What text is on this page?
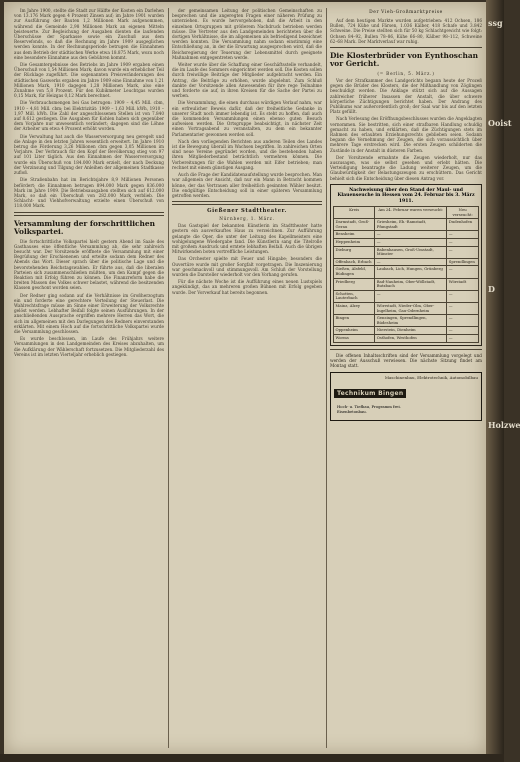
Im Jahre 1900, stellte die Stadt zur Hälfte der Kosten ein Darlehen von 13.176 Mark gegen 4 Prozent Zinsen auf; im Jahre 1901 wurden zur Ausführung der Bauten 1,2 Millionen Mark aufgenommen, während die Gemeinde 2,98 Millionen Mark an eigenen Mitteln beisteuerte. Zur Begleichung der Ausgaben dienten die laufenden Überschüsse der Sparkasse sowie ein Zuschuß aus dem Reservefonds, so daß die Rechnung im Jahre 1909 ausgeglichen werden konnte. In der Rechnungsperiode betrugen die Einnahmen aus dem Betrieb der städtischen Werke etwa 18.875 Mark, wozu noch eine besondere Einnahme aus den Gebühren kommt.

Die Gesamtergebnisse des Betriebs im Jahre 1909 ergaben einen Überschuß von 1,54 Millionen Mark; davon wurde ein erheblicher Teil der Rücklage zugeführt. Die sogenannten Preisveränderungen des städtischen Gaswerks ergaben im Jahre 1909 eine Einnahme von 1,21 Millionen Mark, 1910 dagegen 1,28 Millionen Mark, also eine Zunahme von 5,8 Prozent. Für den Kubikmeter Leuchtgas wurden 0,15 Mark, für Heizgas 0,12 Mark berechnet.

Die Verbrauchsmengen bei Gas betrugen: 1909 – 4,45 Mill. cbm, 1910 – 4,81 Mill. cbm; bei Elektrizität: 1909 – 1,63 Mill. kWh, 1910 – 1,97 Mill. kWh. Die Zahl der angeschlossenen Stellen ist von 7.840 auf 8.612 gestiegen. Die Ausgaben für Kohlen haben sich gegenüber dem Vorjahre nur unwesentlich verändert; dagegen sind die Löhne der Arbeiter um etwa 4 Prozent erhöht worden.

Die Verwaltung hat auch die Wasserversorgung neu geregelt und die Anlage in den letzten Jahren wesentlich erweitert. Im Jahre 1910 betrug die Förderung 3,26 Millionen cbm gegen 3,05 Millionen im Vorjahre. Der Verbrauch für den Kopf der Bevölkerung stieg von 97 auf 101 Liter täglich. Aus den Einnahmen der Wasserversorgung wurde ein Überschuß von 184.000 Mark erzielt, der nach Deckung der Verzinsung und Tilgung der Anleihen der allgemeinen Stadtkasse zufloß.

Die Straßenbahn hat im Berichtsjahre 8,9 Millionen Personen befördert; die Einnahmen betrugen 894.000 Mark gegen 836.000 Mark im Jahre 1909. Die Betriebsausgaben stellten sich auf 612.000 Mark, so daß ein Überschuß von 282.000 Mark verblieb. Die Schlacht- und Viehhofverwaltung erzielte einen Überschuß von 118.000 Mark.

Versammlung der forschrittlichen Volkspartei.

Die fortschrittliche Volkspartei hielt gestern Abend im Saale des Gasthauses eine öffentliche Versammlung ab, die sehr zahlreich besucht war. Der Vorsitzende eröffnete die Versammlung mit einer Begrüßung der Erschienenen und erteilte sodann dem Redner des Abends das Wort. Dieser sprach über die politische Lage und die bevorstehenden Reichstagswahlen. Er führte aus, daß die liberalen Parteien sich zusammenschließen müßten, um den Kampf gegen die Reaktion mit Erfolg führen zu können. Die Finanzreform habe die breiten Massen des Volkes schwer belastet, während die besitzenden Klassen geschont worden seien.

Der Redner ging sodann auf die Verhältnisse im Großherzogtum ein und forderte eine gerechtere Verteilung der Steuerlast. Die Wahlrechtsfrage müsse im Sinne einer Erweiterung der Volksrechte gelöst werden. Lebhafter Beifall folgte seinen Ausführungen. In der anschließenden Aussprache ergriffen mehrere Herren das Wort, die sich im allgemeinen mit den Darlegungen des Redners einverstanden erklärten. Mit einem Hoch auf die fortschrittliche Volkspartei wurde die Versammlung geschlossen.

Es wurde beschlossen, im Laufe des Frühjahrs weitere Versammlungen in den Landgemeinden des Kreises abzuhalten, um die Aufklärung der Wählerschaft fortzusetzen. Die Mitgliederzahl des Vereins ist im letzten Vierteljahr erheblich gestiegen.

der gemeinsamen Leitung der politischen Gemeinschaften zu besprechen und die angeregten Fragen einer näheren Prüfung zu unterziehen. Es wurde hervorgehoben, daß die Arbeit in den einzelnen Ortsgruppen mit größerem Nachdruck betrieben werden müsse. Die Vertreter aus den Landgemeinden berichteten über die dortigen Verhältnisse, die im allgemeinen als befriedigend bezeichnet werden konnten. Die Versammlung nahm sodann einstimmig eine Entschließung an, in der die Erwartung ausgesprochen wird, daß die Reichsregierung der Teuerung der Lebensmittel durch geeignete Maßnahmen entgegentreten werde.

Weiter wurde über die Schaffung einer Geschäftsstelle verhandelt, die im Laufe des Sommers eingerichtet werden soll. Die Kosten sollen durch freiwillige Beiträge der Mitglieder aufgebracht werden. Ein Antrag, die Beiträge zu erhöhen, wurde abgelehnt. Zum Schluß dankte der Vorsitzende allen Anwesenden für ihre rege Teilnahme und forderte sie auf, in ihren Kreisen für die Sache der Partei zu werben.

Die Versammlung, die einen durchaus würdigen Verlauf nahm, war ein erfreulicher Beweis dafür, daß der freiheitliche Gedanke in unserer Stadt noch immer lebendig ist. Es steht zu hoffen, daß auch die kommenden Versammlungen einen ebenso guten Besuch aufweisen werden. Die Ortsgruppe beabsichtigt, in nächster Zeit einen Vortragsabend zu veranstalten, zu dem ein bekannter Parlamentarier gewonnen werden soll.

Nach den vorliegenden Berichten aus anderen Teilen des Landes ist die Bewegung überall im Wachsen begriffen. In zahlreichen Orten sind neue Vereine gegründet worden, und die bestehenden haben ihren Mitgliederbestand beträchtlich vermehren können. Die Vorbereitungen für die Wahlen werden mit Eifer betrieben; man rechnet mit einem günstigen Ausgang.

Auch die Frage der Kandidatenaufstellung wurde besprochen. Man war allgemein der Ansicht, daß nur ein Mann in Betracht kommen könne, der das Vertrauen aller freiheitlich gesinnten Wähler besitzt. Die endgültige Entscheidung soll in einer späteren Versammlung getroffen werden.

Gießener Stadttheater.

Nürnberg, 1. März.

Das Gastspiel der bekannten Künstlerin im Stadttheater hatte gestern ein ausverkauftes Haus zu verzeichnen. Zur Aufführung gelangte die Oper, die unter der Leitung des Kapellmeisters eine wohlgelungene Wiedergabe fand. Die Künstlerin sang die Titelrolle mit großem Ausdruck und erntete lebhaften Beifall. Auch die übrigen Mitwirkenden boten vortreffliche Leistungen.

Das Orchester spielte mit Feuer und Hingabe; besonders die Ouvertüre wurde mit großer Sorgfalt vorgetragen. Die Inszenierung war geschmackvoll und stimmungsvoll. Am Schluß der Vorstellung wurden die Darsteller wiederholt vor den Vorhang gerufen.

Für die nächste Woche ist die Aufführung eines neuen Lustspiels angekündigt, das an mehreren großen Bühnen mit Erfolg gegeben wurde. Der Vorverkauf hat bereits begonnen.

Der Vieh-Großmarktpreise

Auf dem heutigen Markte wurden aufgetrieben: 412 Ochsen, 186 Bullen, 724 Kühe und Färsen, 1.036 Kälber, 418 Schafe und 3.842 Schweine. Die Preise stellten sich für 50 kg Schlachtgewicht wie folgt: Ochsen 84–92, Bullen 78–86, Kühe 66–80, Kälber 98–112, Schweine 62–68 Mark. Der Marktverlauf war ruhig.

Die Klosterbrüder von Eynthoschan vor Gericht.

(= Berlin, 5. März.)

Vor der Strafkammer des Landgerichts begann heute der Prozeß gegen die Brüder des Klosters, die der Mißhandlung von Zöglingen beschuldigt werden. Die Anklage stützt sich auf die Aussagen zahlreicher früherer Insassen der Anstalt, die über schwere körperliche Züchtigungen berichtet haben. Der Andrang des Publikums war außerordentlich groß; der Saal war bis auf den letzten Platz gefüllt.

Nach Verlesung des Eröffnungsbeschlusses wurden die Angeklagten vernommen. Sie bestritten, sich einer strafbaren Handlung schuldig gemacht zu haben, und erklärten, daß die Züchtigungen stets im Rahmen des erlaubten Erziehungsrechts geblieben seien. Sodann begann die Vernehmung der Zeugen, die sich voraussichtlich über mehrere Tage erstrecken wird. Die ersten Zeugen schilderten die Zustände in der Anstalt in düsteren Farben.

Der Vorsitzende ermahnte die Zeugen wiederholt, nur das auszusagen, was sie selbst gesehen und erlebt hätten. Die Verteidigung beantragte die Ladung weiterer Zeugen, um die Glaubwürdigkeit der Belastungszeugen zu erschüttern. Das Gericht behielt sich die Entscheidung über diesen Antrag vor.

Nachweisung über den Stand der Maul- und Klauenseuche in Hessen vom 24. Februar bis 3. März 1911.
Kreis	Am 24. Februar waren verseucht:	Neu verseucht:
Darmstadt, Groß-Gerau	Griesheim, Eb.-Ramstadt, Pfungstadt	Dudenhofen
Bensheim	—	—
Heppenheim	—	—
Dieburg	Babenhausen, Groß-Umstadt, Münster	—
Offenbach, Erbach	—	Sprendlingen
Gießen, Alsfeld, Büdingen	Laubach, Lich, Hungen, Grünberg	—
Friedberg	Bad-Nauheim, Ober-Wöllstadt, Butzbach	Wörstadt
Schotten, Lauterbach	—	—
Mainz, Alzey	Wörrstadt, Nieder-Olm, Ober-Ingelheim, Gau-Odernheim	—
Bingen	Gensingen, Sprendlingen, Büdesheim	—
Oppenheim	Nierstein, Dienheim	—
Worms	Osthofen, Westhofen	—

Die offenen Inhaltsschriften sind der Versammlung vorgelegt und werden der Ausschuß verwiesen. Die nächste Sitzung findet am Montag statt.

Maschinenbau, Elektrotechnik, Automobilbau
Technikum Bingen Hoch- u. Tiefbau, Programm frei. Eisenbetonbau.
ssg
Ooist
D
Holzwe
